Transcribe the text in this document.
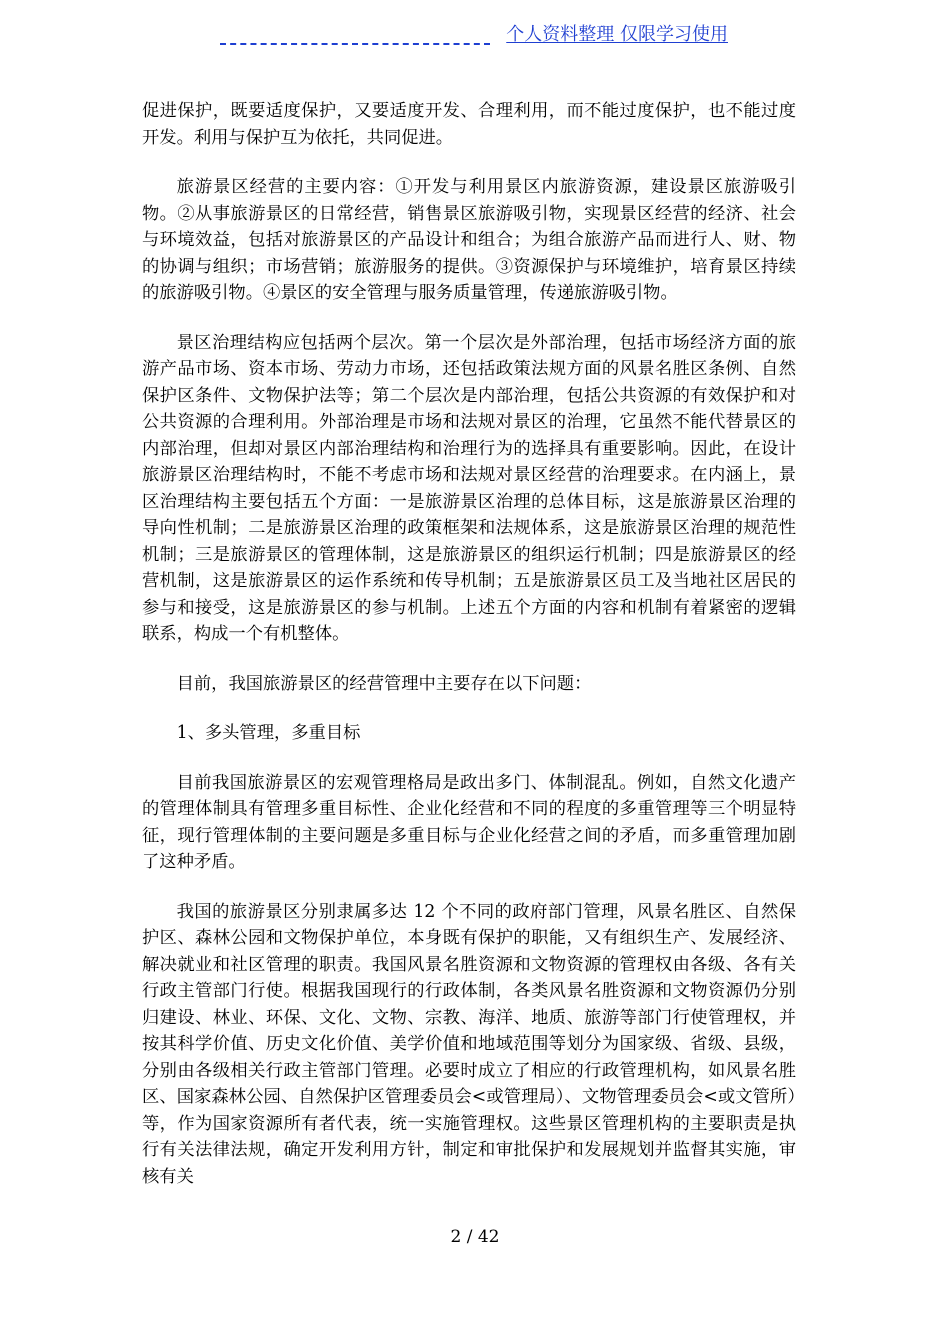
个人资料整理 仅限学习使用

促进保护，既要适度保护，又要适度开发、合理利用，而不能过度保护，也不能过度开发。利用与保护互为依托，共同促进。

旅游景区经营的主要内容：①开发与利用景区内旅游资源，建设景区旅游吸引物。②从事旅游景区的日常经营，销售景区旅游吸引物，实现景区经营的经济、社会与环境效益，包括对旅游景区的产品设计和组合；为组合旅游产品而进行人、财、物的协调与组织；市场营销；旅游服务的提供。③资源保护与环境维护，培育景区持续的旅游吸引物。④景区的安全管理与服务质量管理，传递旅游吸引物。

景区治理结构应包括两个层次。第一个层次是外部治理，包括市场经济方面的旅游产品市场、资本市场、劳动力市场，还包括政策法规方面的风景名胜区条例、自然保护区条件、文物保护法等；第二个层次是内部治理，包括公共资源的有效保护和对公共资源的合理利用。外部治理是市场和法规对景区的治理，它虽然不能代替景区的内部治理，但却对景区内部治理结构和治理行为的选择具有重要影响。因此，在设计旅游景区治理结构时，不能不考虑市场和法规对景区经营的治理要求。在内涵上，景区治理结构主要包括五个方面：一是旅游景区治理的总体目标，这是旅游景区治理的导向性机制；二是旅游景区治理的政策框架和法规体系，这是旅游景区治理的规范性机制；三是旅游景区的管理体制，这是旅游景区的组织运行机制；四是旅游景区的经营机制，这是旅游景区的运作系统和传导机制；五是旅游景区员工及当地社区居民的参与和接受，这是旅游景区的参与机制。上述五个方面的内容和机制有着紧密的逻辑联系，构成一个有机整体。

目前，我国旅游景区的经营管理中主要存在以下问题：

1、多头管理，多重目标

目前我国旅游景区的宏观管理格局是政出多门、体制混乱。例如，自然文化遗产的管理体制具有管理多重目标性、企业化经营和不同的程度的多重管理等三个明显特征，现行管理体制的主要问题是多重目标与企业化经营之间的矛盾，而多重管理加剧了这种矛盾。

我国的旅游景区分别隶属多达 12 个不同的政府部门管理，风景名胜区、自然保护区、森林公园和文物保护单位，本身既有保护的职能，又有组织生产、发展经济、解决就业和社区管理的职责。我国风景名胜资源和文物资源的管理权由各级、各有关行政主管部门行使。根据我国现行的行政体制，各类风景名胜资源和文物资源仍分别归建设、林业、环保、文化、文物、宗教、海洋、地质、旅游等部门行使管理权，并按其科学价值、历史文化价值、美学价值和地域范围等划分为国家级、省级、县级，分别由各级相关行政主管部门管理。必要时成立了相应的行政管理机构，如风景名胜区、国家森林公园、自然保护区管理委员会<或管理局）、文物管理委员会<或文管所）等，作为国家资源所有者代表，统一实施管理权。这些景区管理机构的主要职责是执行有关法律法规，确定开发利用方针，制定和审批保护和发展规划并监督其实施，审核有关

2 / 42
